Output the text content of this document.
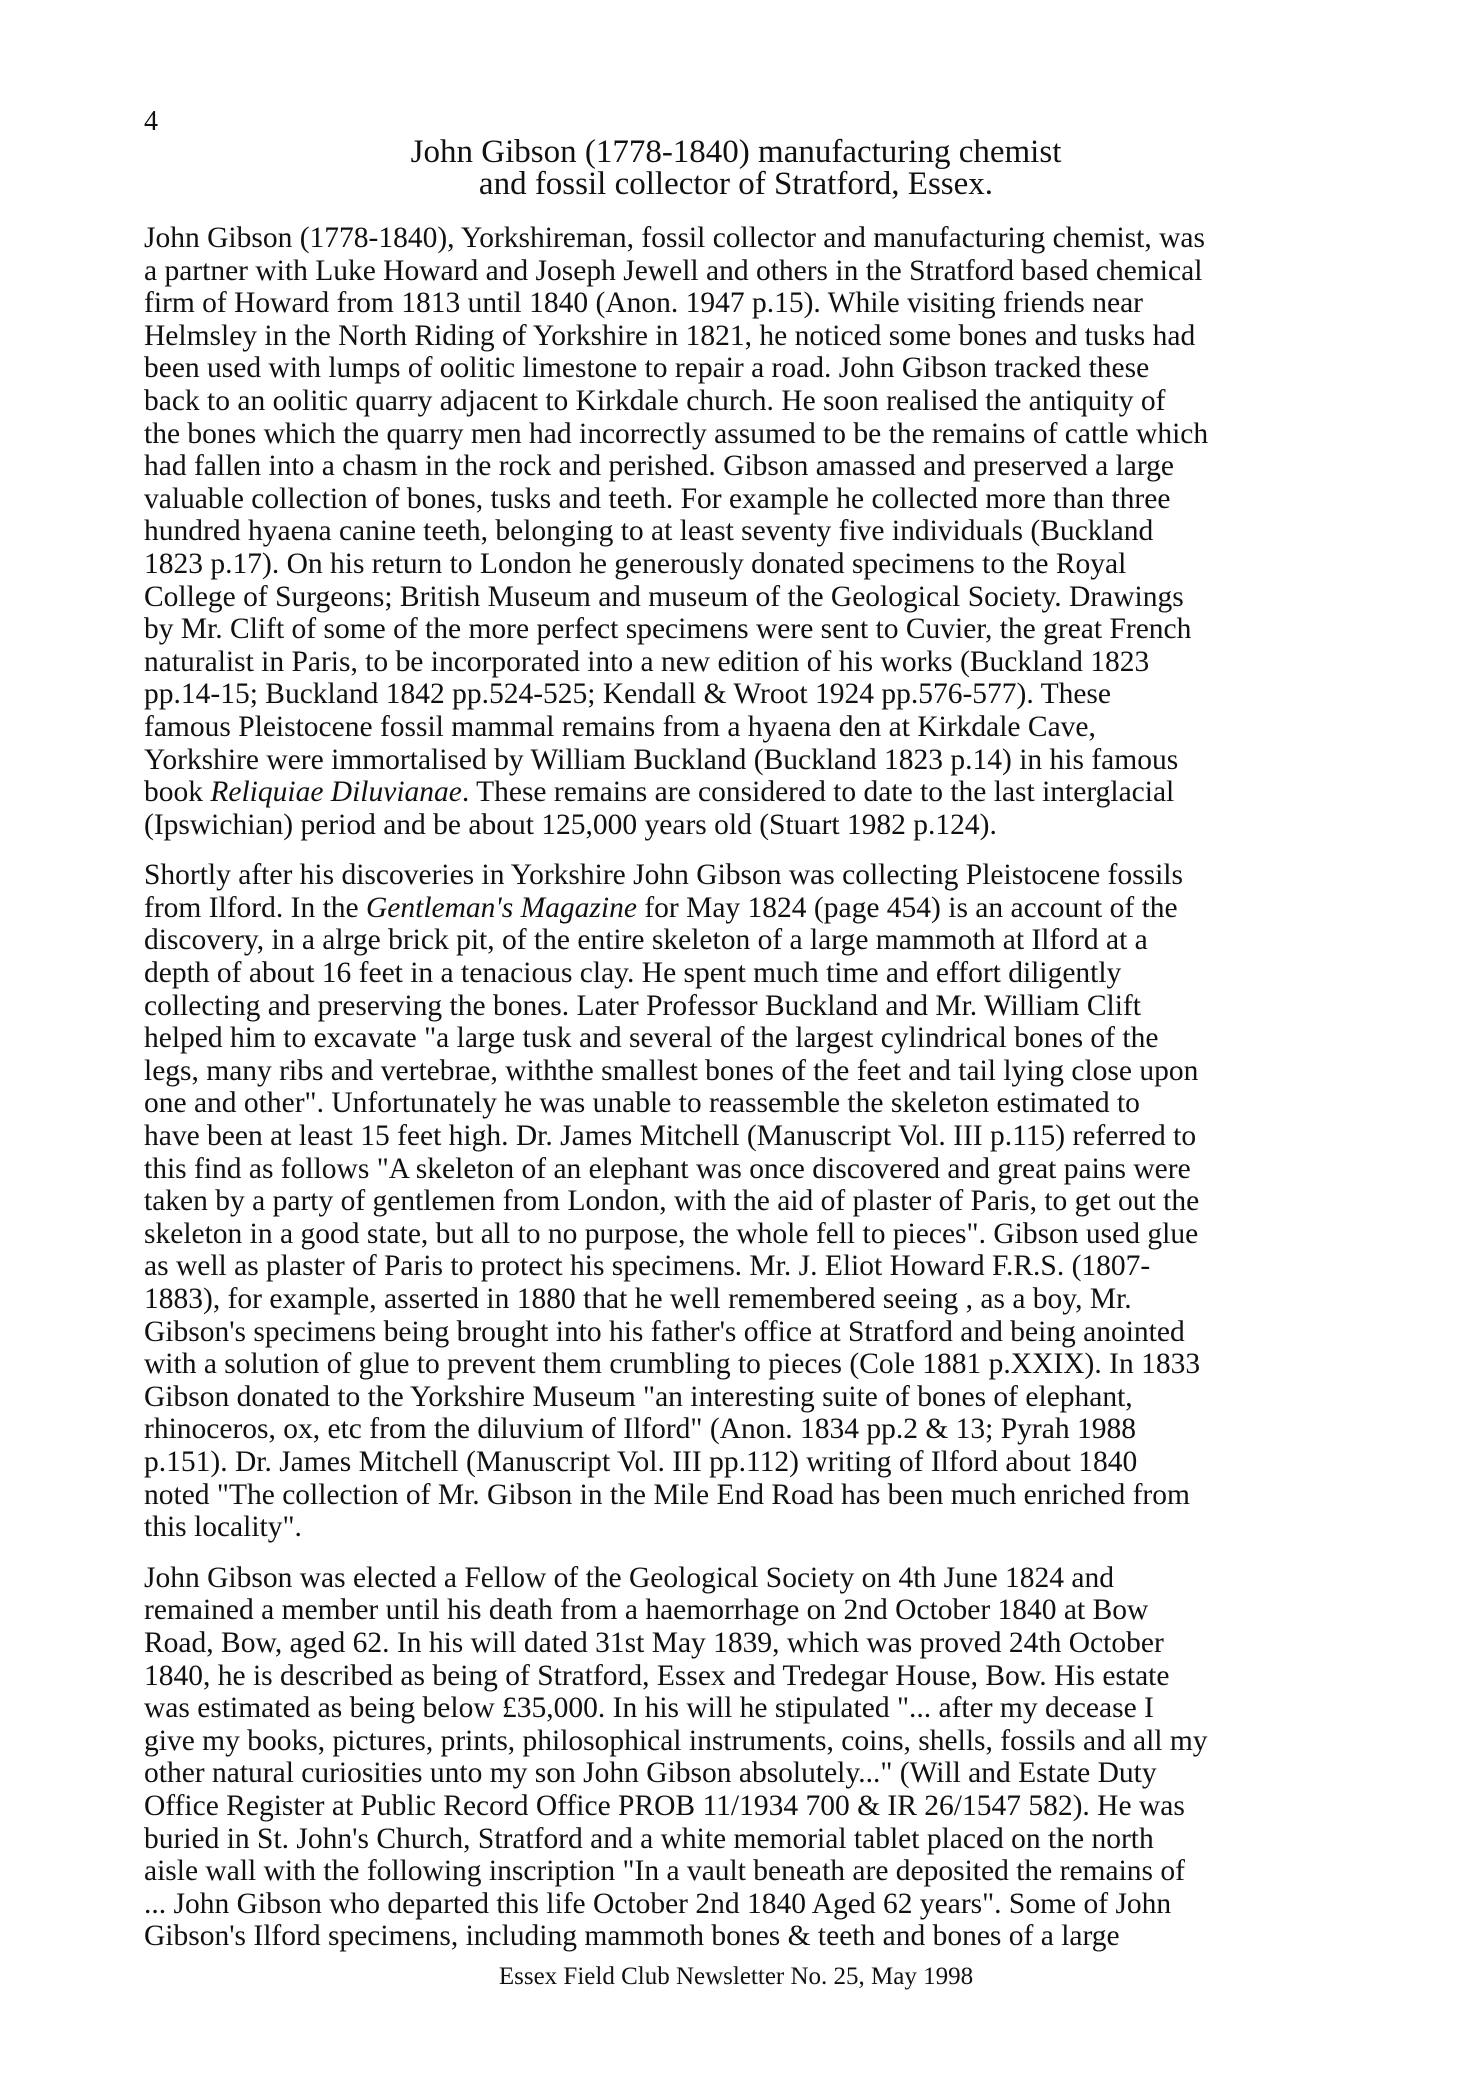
4
John Gibson (1778-1840) manufacturing chemist
and fossil collector of Stratford, Essex.

John Gibson (1778-1840), Yorkshireman, fossil collector and manufacturing chemist, was
a partner with Luke Howard and Joseph Jewell and others in the Stratford based chemical
firm of Howard from 1813 until 1840 (Anon. 1947 p.15). While visiting friends near
Helmsley in the North Riding of Yorkshire in 1821, he noticed some bones and tusks had
been used with lumps of oolitic limestone to repair a road. John Gibson tracked these
back to an oolitic quarry adjacent to Kirkdale church. He soon realised the antiquity of
the bones which the quarry men had incorrectly assumed to be the remains of cattle which
had fallen into a chasm in the rock and perished. Gibson amassed and preserved a large
valuable collection of bones, tusks and teeth. For example he collected more than three
hundred hyaena canine teeth, belonging to at least seventy five individuals (Buckland
1823 p.17). On his return to London he generously donated specimens to the Royal
College of Surgeons; British Museum and museum of the Geological Society. Drawings
by Mr. Clift of some of the more perfect specimens were sent to Cuvier, the great French
naturalist in Paris, to be incorporated into a new edition of his works (Buckland 1823
pp.14-15; Buckland 1842 pp.524-525; Kendall & Wroot 1924 pp.576-577). These
famous Pleistocene fossil mammal remains from a hyaena den at Kirkdale Cave,
Yorkshire were immortalised by William Buckland (Buckland 1823 p.14) in his famous
book Reliquiae Diluvianae. These remains are considered to date to the last interglacial
(Ipswichian) period and be about 125,000 years old (Stuart 1982 p.124).

Shortly after his discoveries in Yorkshire John Gibson was collecting Pleistocene fossils
from Ilford. In the Gentleman's Magazine for May 1824 (page 454) is an account of the
discovery, in a alrge brick pit, of the entire skeleton of a large mammoth at Ilford at a
depth of about 16 feet in a tenacious clay. He spent much time and effort diligently
collecting and preserving the bones. Later Professor Buckland and Mr. William Clift
helped him to excavate "a large tusk and several of the largest cylindrical bones of the
legs, many ribs and vertebrae, withthe smallest bones of the feet and tail lying close upon
one and other". Unfortunately he was unable to reassemble the skeleton estimated to
have been at least 15 feet high. Dr. James Mitchell (Manuscript Vol. III p.115) referred to
this find as follows "A skeleton of an elephant was once discovered and great pains were
taken by a party of gentlemen from London, with the aid of plaster of Paris, to get out the
skeleton in a good state, but all to no purpose, the whole fell to pieces". Gibson used glue
as well as plaster of Paris to protect his specimens. Mr. J. Eliot Howard F.R.S. (1807-
1883), for example, asserted in 1880 that he well remembered seeing , as a boy, Mr.
Gibson's specimens being brought into his father's office at Stratford and being anointed
with a solution of glue to prevent them crumbling to pieces (Cole 1881 p.XXIX). In 1833
Gibson donated to the Yorkshire Museum "an interesting suite of bones of elephant,
rhinoceros, ox, etc from the diluvium of Ilford" (Anon. 1834 pp.2 & 13; Pyrah 1988
p.151). Dr. James Mitchell (Manuscript Vol. III pp.112) writing of Ilford about 1840
noted "The collection of Mr. Gibson in the Mile End Road has been much enriched from
this locality".

John Gibson was elected a Fellow of the Geological Society on 4th June 1824 and
remained a member until his death from a haemorrhage on 2nd October 1840 at Bow
Road, Bow, aged 62. In his will dated 31st May 1839, which was proved 24th October
1840, he is described as being of Stratford, Essex and Tredegar House, Bow. His estate
was estimated as being below £35,000. In his will he stipulated "... after my decease I
give my books, pictures, prints, philosophical instruments, coins, shells, fossils and all my
other natural curiosities unto my son John Gibson absolutely..." (Will and Estate Duty
Office Register at Public Record Office PROB 11/1934 700 & IR 26/1547 582). He was
buried in St. John's Church, Stratford and a white memorial tablet placed on the north
aisle wall with the following inscription "In a vault beneath are deposited the remains of
... John Gibson who departed this life October 2nd 1840 Aged 62 years". Some of John
Gibson's Ilford specimens, including mammoth bones & teeth and bones of a large

Essex Field Club Newsletter No. 25, May 1998
